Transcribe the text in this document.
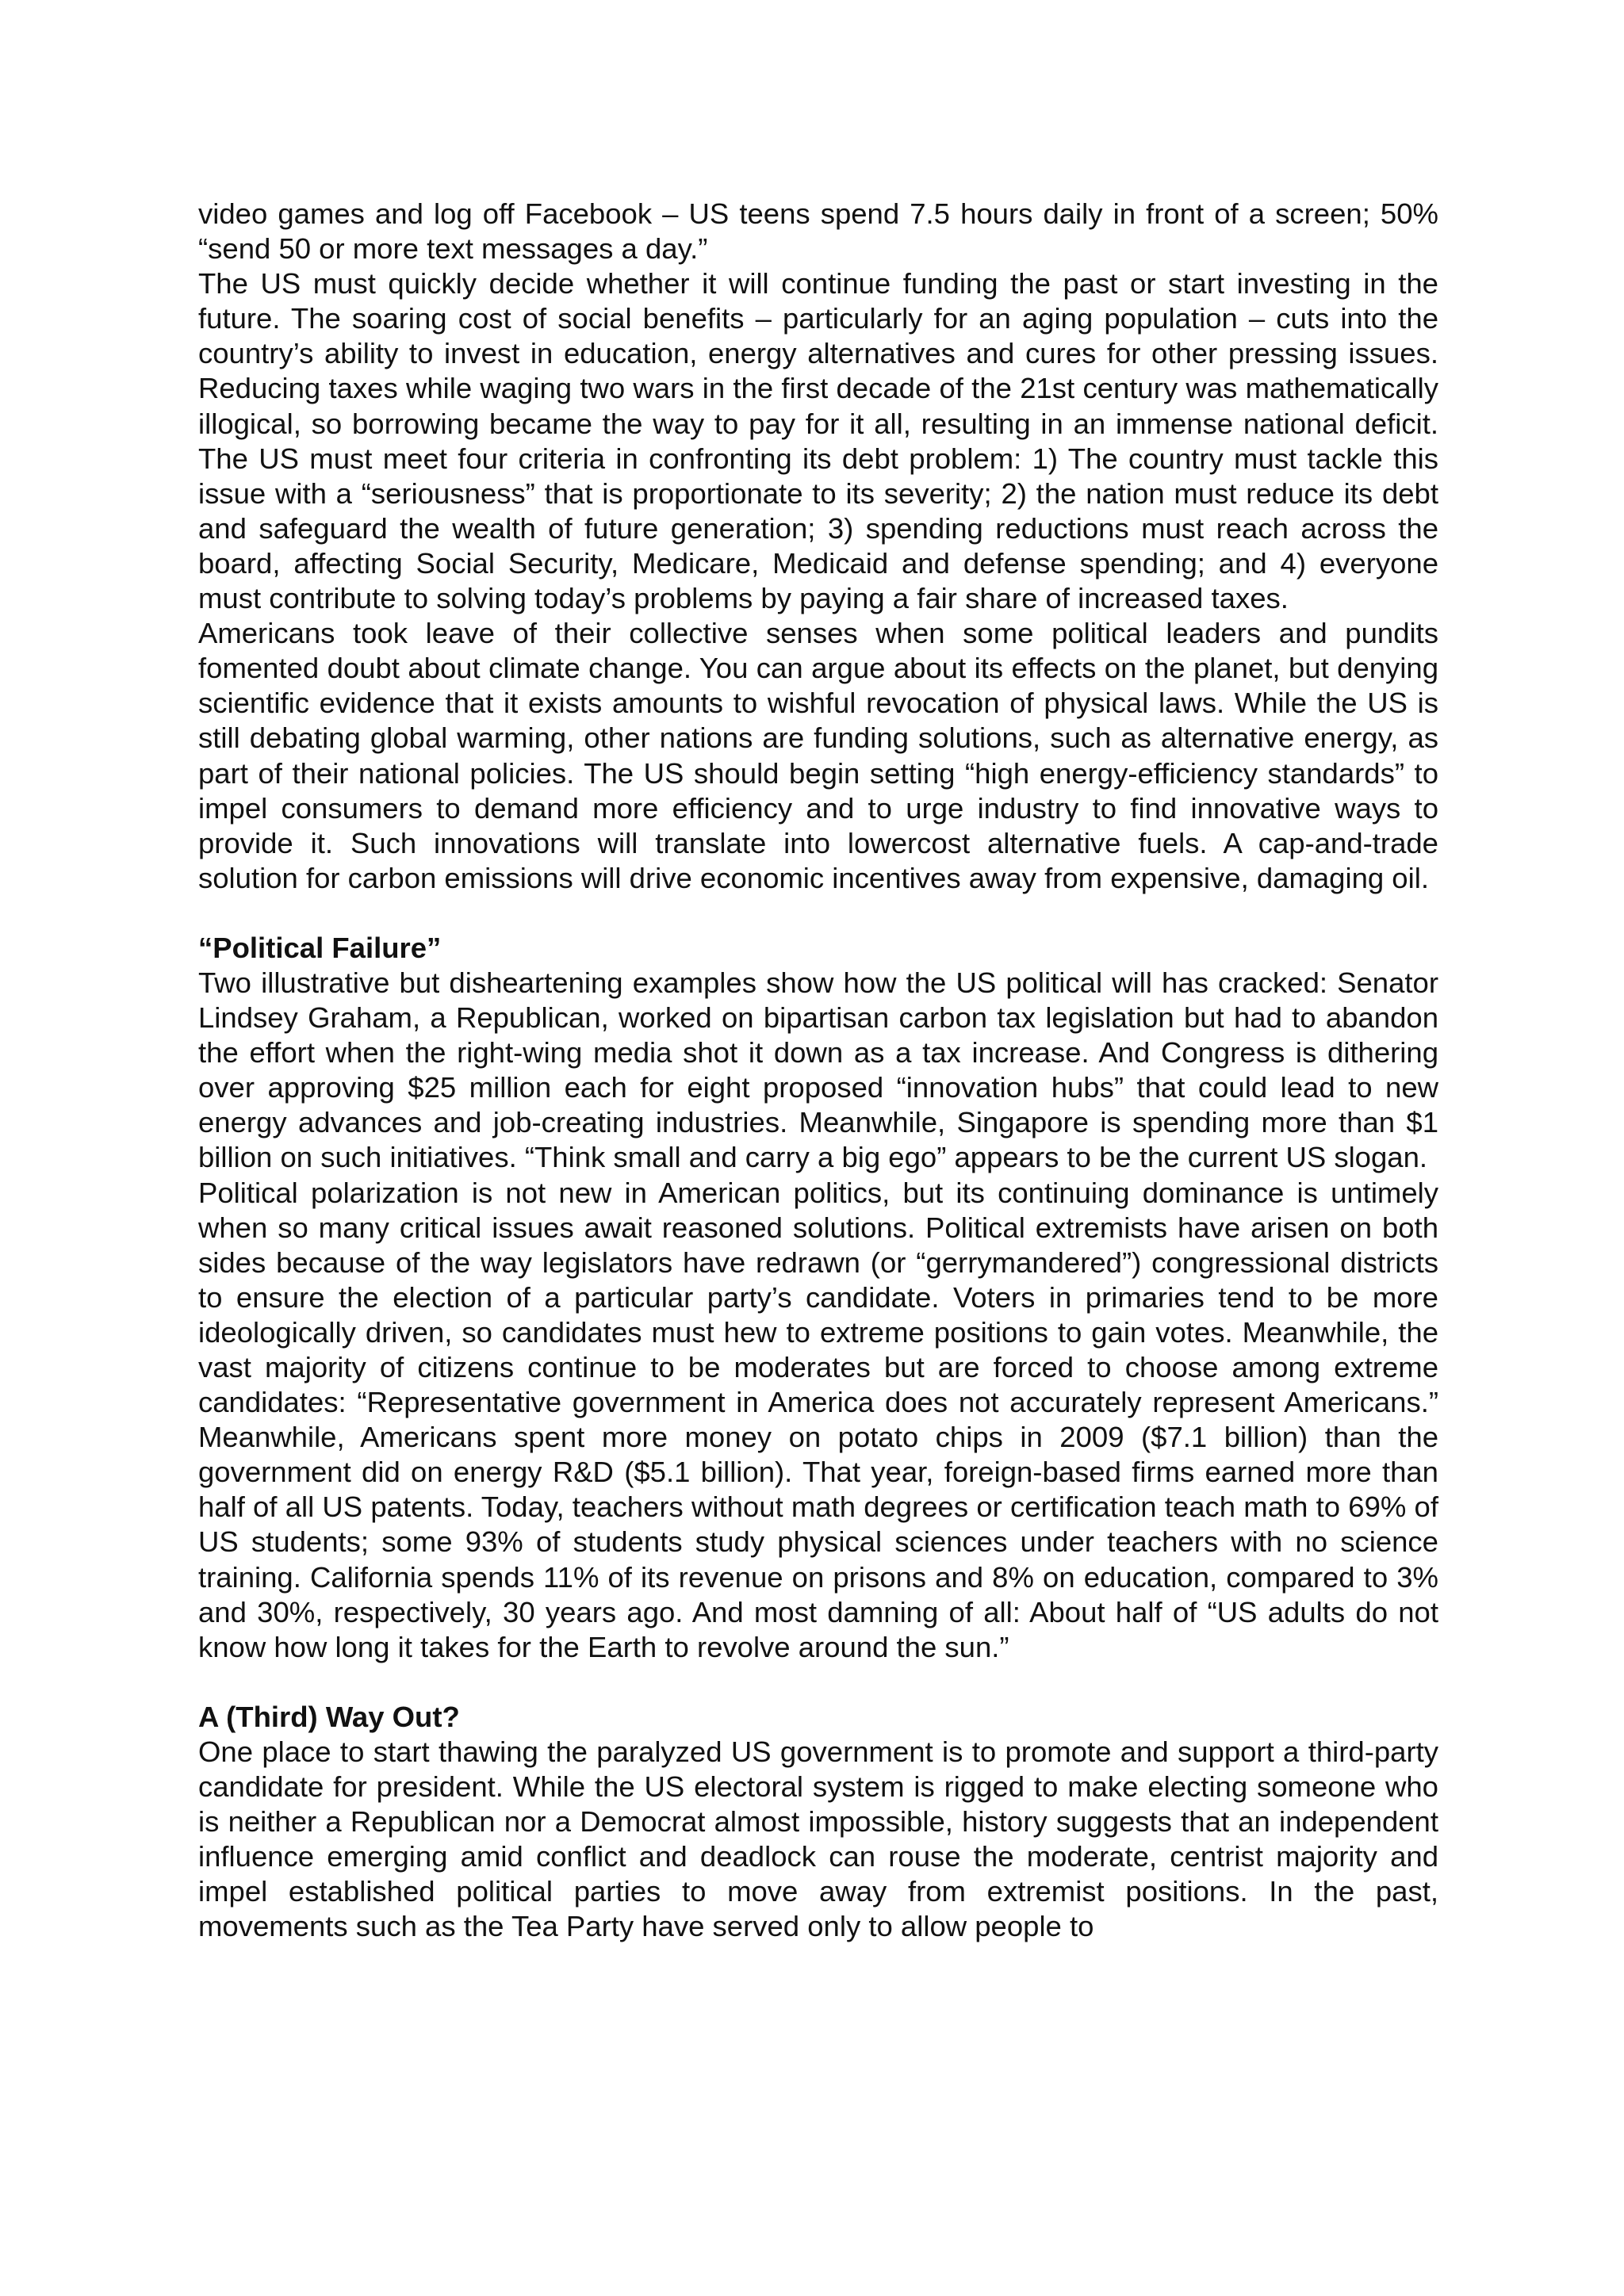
video games and log off Facebook – US teens spend 7.5 hours daily in front of a screen; 50% “send 50 or more text messages a day.”

The US must quickly decide whether it will continue funding the past or start investing in the future. The soaring cost of social benefits – particularly for an aging population – cuts into the country’s ability to invest in education, energy alternatives and cures for other pressing issues. Reducing taxes while waging two wars in the first decade of the 21st century was mathematically illogical, so borrowing became the way to pay for it all, resulting in an immense national deficit. The US must meet four criteria in confronting its debt problem: 1) The country must tackle this issue with a “seriousness” that is proportionate to its severity; 2) the nation must reduce its debt and safeguard the wealth of future generation; 3) spending reductions must reach across the board, affecting Social Security, Medicare, Medicaid and defense spending; and 4) everyone must contribute to solving today’s problems by paying a fair share of increased taxes.

Americans took leave of their collective senses when some political leaders and pundits fomented doubt about climate change. You can argue about its effects on the planet, but denying scientific evidence that it exists amounts to wishful revocation of physical laws. While the US is still debating global warming, other nations are funding solutions, such as alternative energy, as part of their national policies. The US should begin setting “high energy-efficiency standards” to impel consumers to demand more efficiency and to urge industry to find innovative ways to provide it. Such innovations will translate into lowercost alternative fuels. A cap-and-trade solution for carbon emissions will drive economic incentives away from expensive, damaging oil.

“Political Failure”

Two illustrative but disheartening examples show how the US political will has cracked: Senator Lindsey Graham, a Republican, worked on bipartisan carbon tax legislation but had to abandon the effort when the right-wing media shot it down as a tax increase. And Congress is dithering over approving $25 million each for eight proposed “innovation hubs” that could lead to new energy advances and job-creating industries. Meanwhile, Singapore is spending more than $1 billion on such initiatives. “Think small and carry a big ego” appears to be the current US slogan.

Political polarization is not new in American politics, but its continuing dominance is untimely when so many critical issues await reasoned solutions. Political extremists have arisen on both sides because of the way legislators have redrawn (or “gerrymandered”) congressional districts to ensure the election of a particular party’s candidate. Voters in primaries tend to be more ideologically driven, so candidates must hew to extreme positions to gain votes. Meanwhile, the vast majority of citizens continue to be moderates but are forced to choose among extreme candidates: “Representative government in America does not accurately represent Americans.” Meanwhile, Americans spent more money on potato chips in 2009 ($7.1 billion) than the government did on energy R&D ($5.1 billion). That year, foreign-based firms earned more than half of all US patents. Today, teachers without math degrees or certification teach math to 69% of US students; some 93% of students study physical sciences under teachers with no science training. California spends 11% of its revenue on prisons and 8% on education, compared to 3% and 30%, respectively, 30 years ago. And most damning of all: About half of “US adults do not know how long it takes for the Earth to revolve around the sun.”

A (Third) Way Out?

One place to start thawing the paralyzed US government is to promote and support a third-party candidate for president. While the US electoral system is rigged to make electing someone who is neither a Republican nor a Democrat almost impossible, history suggests that an independent influence emerging amid conflict and deadlock can rouse the moderate, centrist majority and impel established political parties to move away from extremist positions. In the past, movements such as the Tea Party have served only to allow people to
